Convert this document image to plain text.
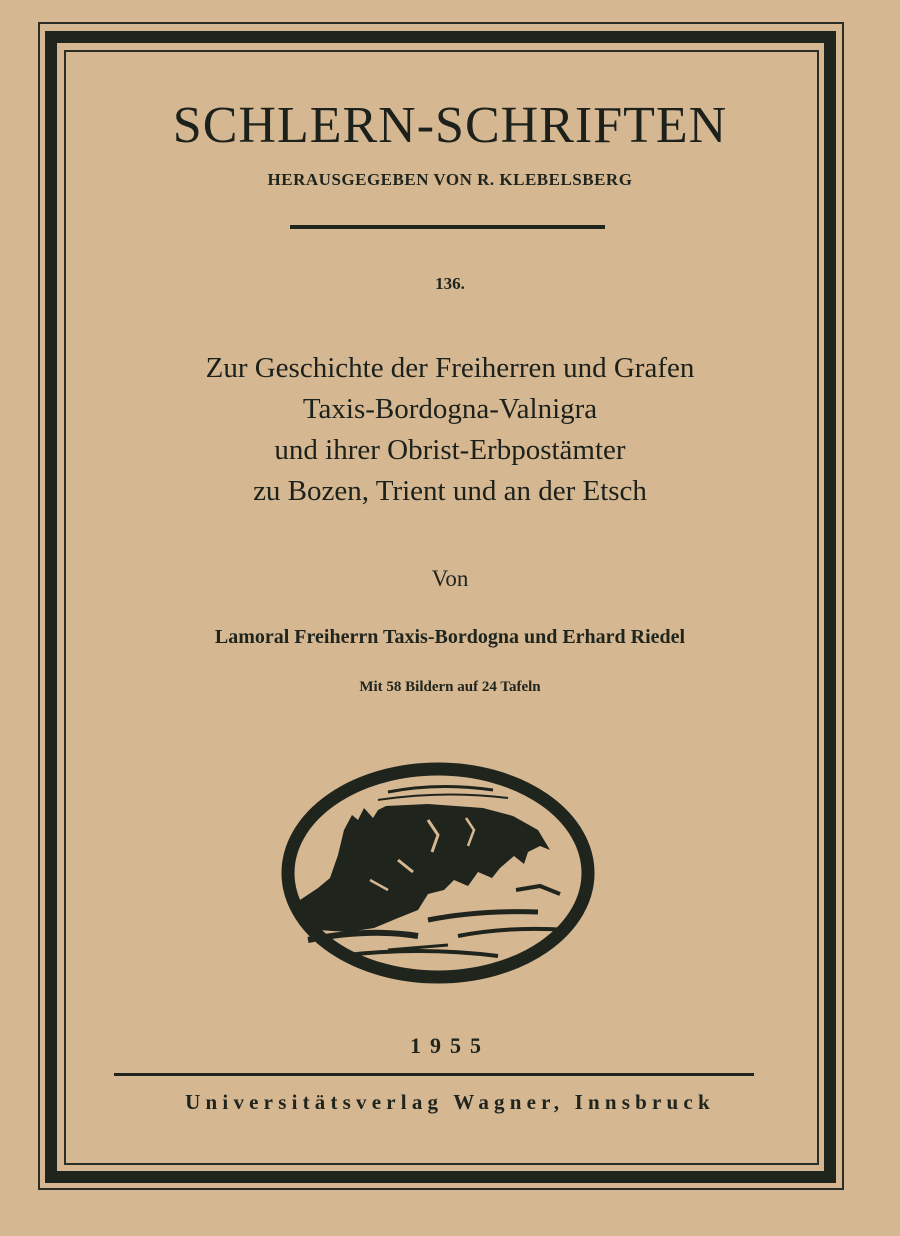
SCHLERN-SCHRIFTEN
HERAUSGEGEBEN VON R. KLEBELSBERG
136.
Zur Geschichte der Freiherren und Grafen
Taxis-Bordogna-Valnigra
und ihrer Obrist-Erbpostämter
zu Bozen, Trient und an der Etsch
Von
Lamoral Freiherrn Taxis-Bordogna und Erhard Riedel
Mit 58 Bildern auf 24 Tafeln
1955
Universitätsverlag Wagner, Innsbruck
